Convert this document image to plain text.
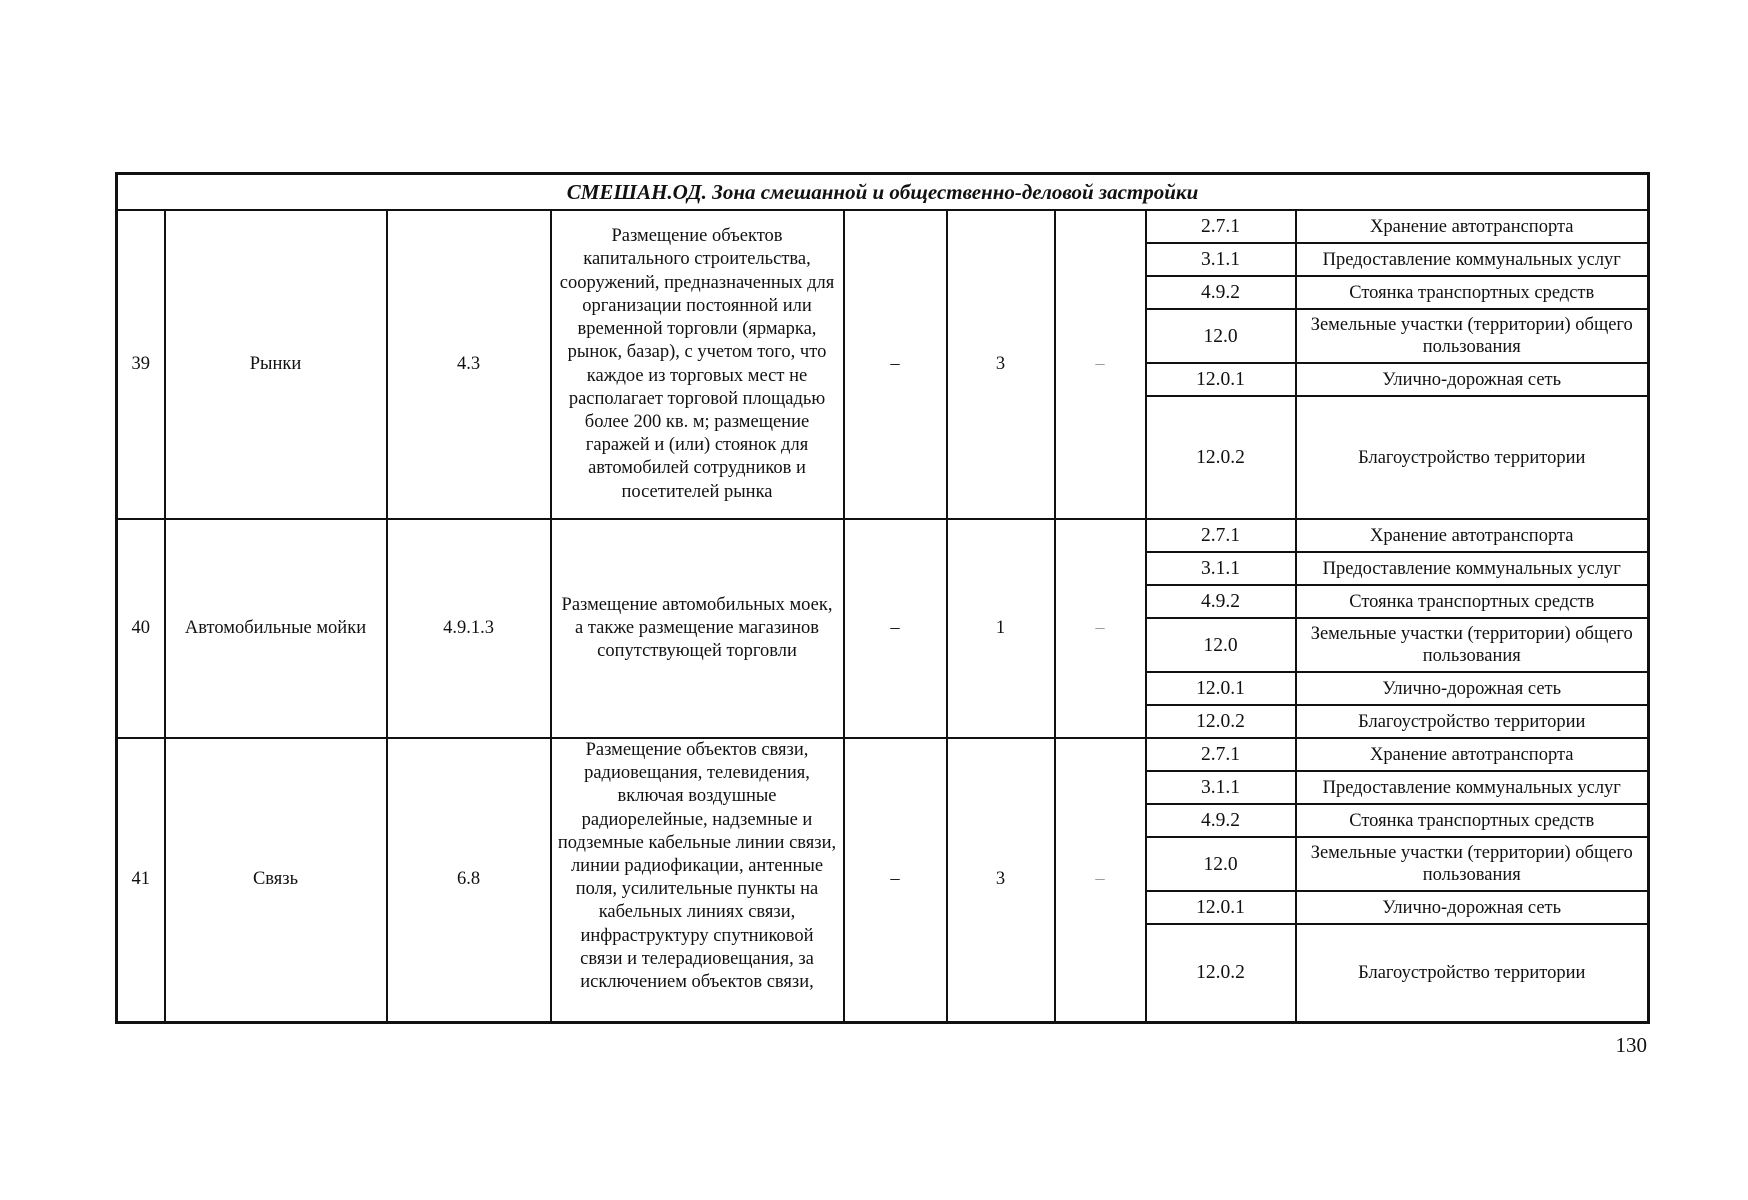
СМЕШАН.ОД. Зона смешанной и общественно-деловой застройки								
39	Рынки	4.3	Размещение объектов капитального строительства, сооружений, предназначенных для организации постоянной или временной торговли (ярмарка, рынок, базар), с учетом того, что каждое из торговых мест не располагает торговой площадью более 200 кв. м; размещение гаражей и (или) стоянок для автомобилей сотрудников и посетителей рынка	–	3	–	2.7.1	Хранение автотранспорта
							3.1.1	Предоставление коммунальных услуг
							4.9.2	Стоянка транспортных средств
							12.0	Земельные участки (территории) общего пользования
							12.0.1	Улично-дорожная сеть
							12.0.2	Благоустройство территории
40	Автомобильные мойки	4.9.1.3	Размещение автомобильных моек, а также размещение магазинов сопутствующей торговли	–	1	–	2.7.1	Хранение автотранспорта
							3.1.1	Предоставление коммунальных услуг
							4.9.2	Стоянка транспортных средств
							12.0	Земельные участки (территории) общего пользования
							12.0.1	Улично-дорожная сеть
							12.0.2	Благоустройство территории
41	Связь	6.8	Размещение объектов связи, радиовещания, телевидения, включая воздушные радиорелейные, надземные и подземные кабельные линии связи, линии радиофикации, антенные поля, усилительные пункты на кабельных линиях связи, инфраструктуру спутниковой связи и телерадиовещания, за исключением объектов связи,	–	3	–	2.7.1	Хранение автотранспорта
							3.1.1	Предоставление коммунальных услуг
							4.9.2	Стоянка транспортных средств
							12.0	Земельные участки (территории) общего пользования
							12.0.1	Улично-дорожная сеть
							12.0.2	Благоустройство территории
130
